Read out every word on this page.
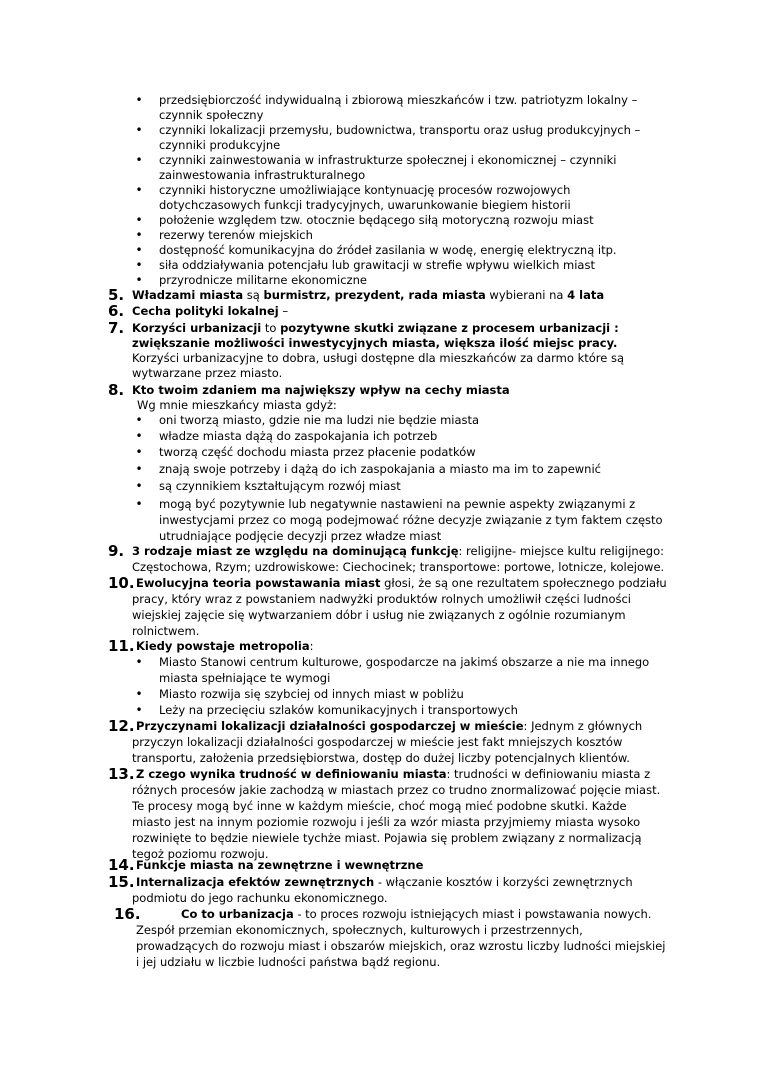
• przedsiębiorczość indywidualną i zbiorową mieszkańców i tzw. patriotyzm lokalny –
czynnik społeczny
• czynniki lokalizacji przemysłu, budownictwa, transportu oraz usług produkcyjnych –
czynniki produkcyjne
• czynniki zainwestowania w infrastrukturze społecznej i ekonomicznej – czynniki
zainwestowania infrastrukturalnego
• czynniki historyczne umożliwiające kontynuację procesów rozwojowych
dotychczasowych funkcji tradycyjnych, uwarunkowanie biegiem historii
• położenie względem tzw. otocznie będącego siłą motoryczną rozwoju miast
• rezerwy terenów miejskich
• dostępność komunikacyjna do źródeł zasilania w wodę, energię elektryczną itp.
• siła oddziaływania potencjału lub grawitacji w strefie wpływu wielkich miast
• przyrodnicze militarne ekonomiczne
5. Władzami miasta są burmistrz, prezydent, rada miasta wybierani na 4 lata
6. Cecha polityki lokalnej –
7. Korzyści urbanizacji to pozytywne skutki związane z procesem urbanizacji :
zwiększanie możliwości inwestycyjnych miasta, większa ilość miejsc pracy.
Korzyści urbanizacyjne to dobra, usługi dostępne dla mieszkańców za darmo które są
wytwarzane przez miasto.
8. Kto twoim zdaniem ma największy wpływ na cechy miasta
Wg mnie mieszkańcy miasta gdyż:
• oni tworzą miasto, gdzie nie ma ludzi nie będzie miasta
• władze miasta dążą do zaspokajania ich potrzeb
• tworzą część dochodu miasta przez płacenie podatków
• znają swoje potrzeby i dążą do ich zaspokajania a miasto ma im to zapewnić
• są czynnikiem kształtującym rozwój miast
• mogą być pozytywnie lub negatywnie nastawieni na pewnie aspekty związanymi z
inwestycjami przez co mogą podejmować różne decyzje związanie z tym faktem często
utrudniające podjęcie decyzji przez władze miast
9. 3 rodzaje miast ze względu na dominującą funkcję: religijne- miejsce kultu religijnego:
Częstochowa, Rzym; uzdrowiskowe: Ciechocinek; transportowe: portowe, lotnicze, kolejowe.
10. Ewolucyjna teoria powstawania miast głosi, że są one rezultatem społecznego podziału
pracy, który wraz z powstaniem nadwyżki produktów rolnych umożliwił części ludności
wiejskiej zajęcie się wytwarzaniem dóbr i usług nie związanych z ogólnie rozumianym
rolnictwem.
11. Kiedy powstaje metropolia:
• Miasto Stanowi centrum kulturowe, gospodarcze na jakimś obszarze a nie ma innego
miasta spełniające te wymogi
• Miasto rozwija się szybciej od innych miast w pobliżu
• Leży na przecięciu szlaków komunikacyjnych i transportowych
12. Przyczynami lokalizacji działalności gospodarczej w mieście: Jednym z głównych
przyczyn lokalizacji działalności gospodarczej w mieście jest fakt mniejszych kosztów
transportu, założenia przedsiębiorstwa, dostęp do dużej liczby potencjalnych klientów.
13. Z czego wynika trudność w definiowaniu miasta: trudności w definiowaniu miasta z
różnych procesów jakie zachodzą w miastach przez co trudno znormalizować pojęcie miast.
Te procesy mogą być inne w każdym mieście, choć mogą mieć podobne skutki. Każde
miasto jest na innym poziomie rozwoju i jeśli za wzór miasta przyjmiemy miasta wysoko
rozwinięte to będzie niewiele tychże miast. Pojawia się problem związany z normalizacją
tegoż poziomu rozwoju.
14. Funkcje miasta na zewnętrzne i wewnętrzne
15. Internalizacja efektów zewnętrznych - włączanie kosztów i korzyści zewnętrznych
podmiotu do jego rachunku ekonomicznego.
16.	Co to urbanizacja - to proces rozwoju istniejących miast i powstawania nowych.
Zespół przemian ekonomicznych, społecznych, kulturowych i przestrzennych,
prowadzących do rozwoju miast i obszarów miejskich, oraz wzrostu liczby ludności miejskiej
i jej udziału w liczbie ludności państwa bądź regionu.
